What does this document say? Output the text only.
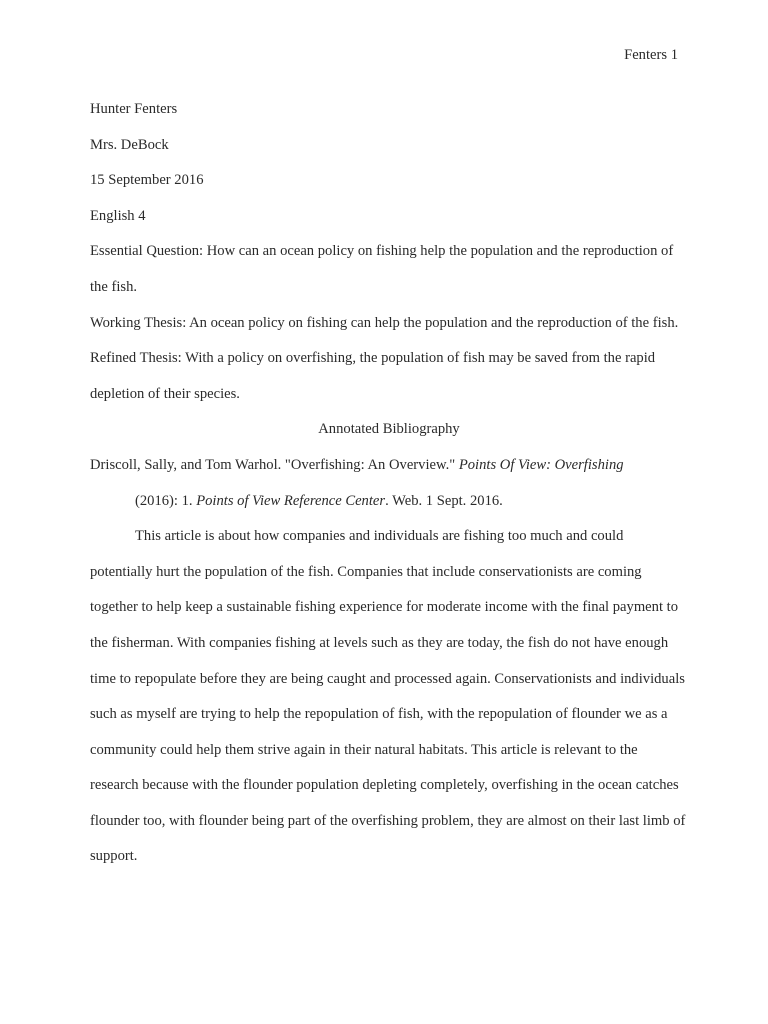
Fenters 1

Hunter Fenters

Mrs. DeBock

15 September 2016

English 4

Essential Question: How can an ocean policy on fishing help the population and the reproduction of the fish.

Working Thesis: An ocean policy on fishing can help the population and the reproduction of the fish.

Refined Thesis: With a policy on overfishing, the population of fish may be saved from the rapid depletion of their species.

Annotated Bibliography

Driscoll, Sally, and Tom Warhol. "Overfishing: An Overview." Points Of View: Overfishing
(2016): 1. Points of View Reference Center. Web. 1 Sept. 2016.

This article is about how companies and individuals are fishing too much and could potentially hurt the population of the fish. Companies that include conservationists are coming together to help keep a sustainable fishing experience for moderate income with the final payment to the fisherman. With companies fishing at levels such as they are today, the fish do not have enough time to repopulate before they are being caught and processed again. Conservationists and individuals such as myself are trying to help the repopulation of fish, with the repopulation of flounder we as a community could help them strive again in their natural habitats. This article is relevant to the research because with the flounder population depleting completely, overfishing in the ocean catches flounder too, with flounder being part of the overfishing problem, they are almost on their last limb of support.
